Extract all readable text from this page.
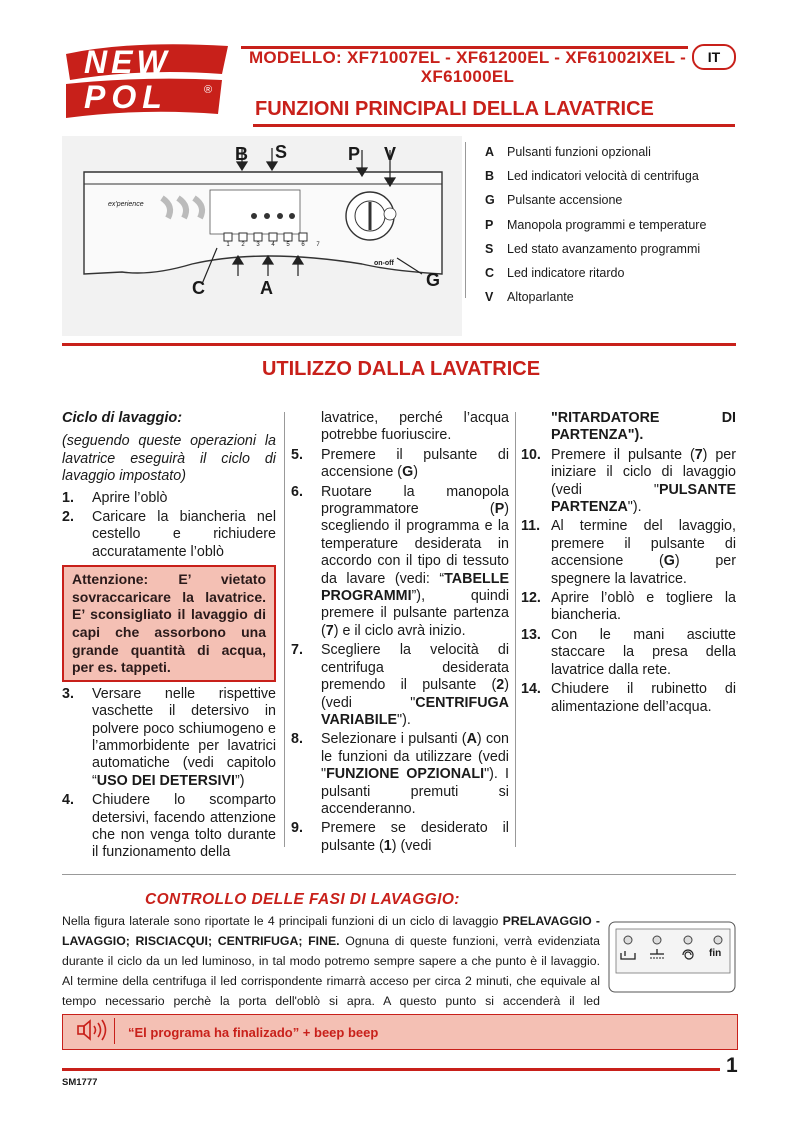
NEW
POL	®
MODELLO: XF71007EL - XF61200EL - XF61002IXEL - XF61000EL
IT
FUNZIONI PRINCIPALI DELLA LAVATRICE
B S	P V
C	A	G
ex'perience
1	2	3	4	5	6	7
on-off
A	Pulsanti funzioni opzionali
B	Led indicatori velocità di centrifuga
G Pulsante accensione
P	Manopola programmi e temperature
S	Led stato avanzamento programmi
C	Led indicatore ritardo
V	Altoparlante
UTILIZZO DALLA LAVATRICE

Ciclo di lavaggio:

(seguendo queste operazioni la lavatrice eseguirà il ciclo di lavaggio impostato)

1.	Aprire l’oblò
2.	Caricare la biancheria nel cestello e richiudere accuratamente l’oblò
Attenzione: E’ vietato sovraccaricare la lavatrice. E’ sconsigliato il lavaggio di capi che assorbono una grande quantità di acqua, per es. tappeti.
3.	Versare nelle rispettive vaschette il detersivo in polvere poco schiumogeno e l’ammorbidente per lavatrici automatiche (vedi capitolo “USO DEI DETERSIVI”)
4.	Chiudere lo scomparto detersivi, facendo attenzione che non venga tolto durante il funzionamento della
lavatrice, perché l’acqua potrebbe fuoriuscire.
5.	Premere il pulsante di accensione (G)
6.	Ruotare la manopola programmatore (P) scegliendo il programma e la temperature desiderata in accordo con il tipo di tessuto da lavare (vedi: “TABELLE PROGRAMMI”), quindi premere il pulsante partenza (7) e il ciclo avrà inizio.
7.	Scegliere la velocità di centrifuga desiderata premendo il pulsante (2) (vedi "CENTRIFUGA VARIABILE").
8.	Selezionare i pulsanti (A) con le funzioni da utilizzare (vedi "FUNZIONE OPZIONALI"). I pulsanti premuti si accenderanno.
9.	Premere se desiderato il pulsante (1) (vedi
"RITARDATORE DI PARTENZA").
10. Premere il pulsante (7) per iniziare il ciclo di lavaggio (vedi "PULSANTE PARTENZA").
11. Al termine del lavaggio, premere il pulsante di accensione (G) per spegnere la lavatrice.
12. Aprire l’oblò e togliere la biancheria.
13. Con le mani asciutte staccare la presa della lavatrice dalla rete.
14. Chiudere il rubinetto di alimentazione dell’acqua.
CONTROLLO DELLE FASI DI LAVAGGIO:
Nella figura laterale sono riportate le 4 principali funzioni di un ciclo di lavaggio PRELAVAGGIO - LAVAGGIO; RISCIACQUI; CENTRIFUGA; FINE. Ognuna di queste funzioni, verrà evidenziata durante il ciclo da un led luminoso, in tal modo potremo sempre sapere a che punto è il lavaggio. Al termine della centrifuga il led corrispondente rimarrà acceso per circa 2 minuti, che equivale al tempo necessario perchè la porta dell'oblò si apra. A questo punto si accenderà il led
fin
“El programa ha finalizado” + beep beep
1
SM1777
